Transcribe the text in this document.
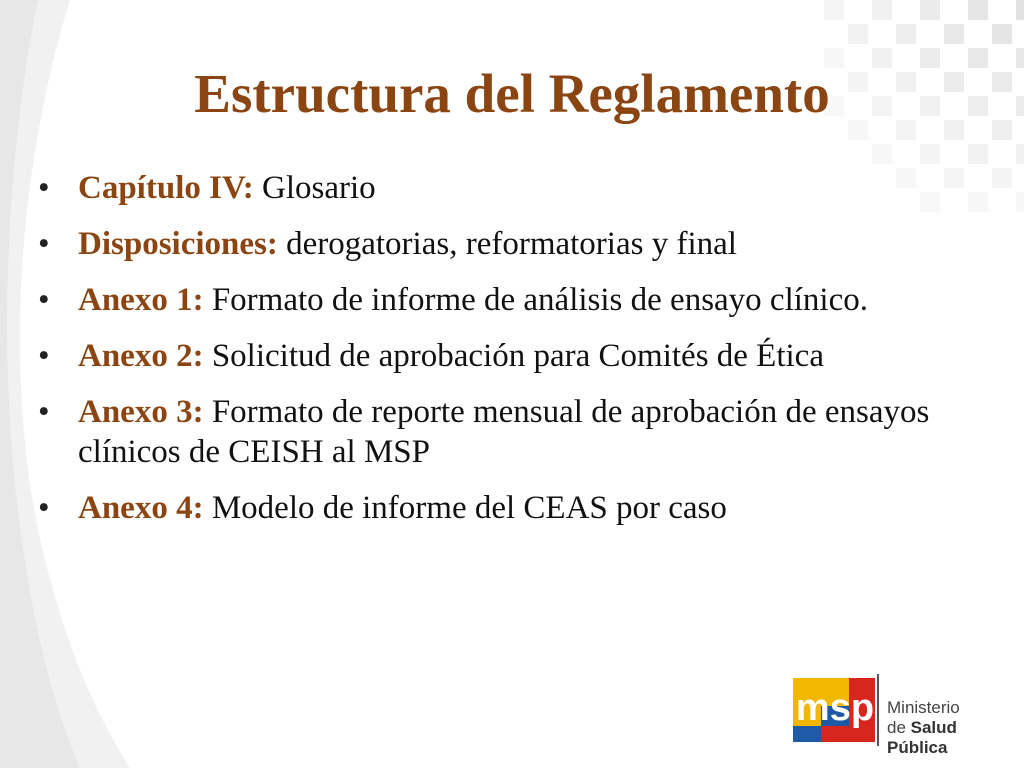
Estructura del Reglamento
• Capítulo IV: Glosario
• Disposiciones: derogatorias, reformatorias y final
• Anexo 1: Formato de informe de análisis de ensayo clínico.
• Anexo 2: Solicitud de aprobación para Comités de Ética
• Anexo 3: Formato de reporte mensual de aprobación de ensayos clínicos de CEISH al MSP
• Anexo 4: Modelo de informe del CEAS por caso
msp Ministerio
de Salud Pública
